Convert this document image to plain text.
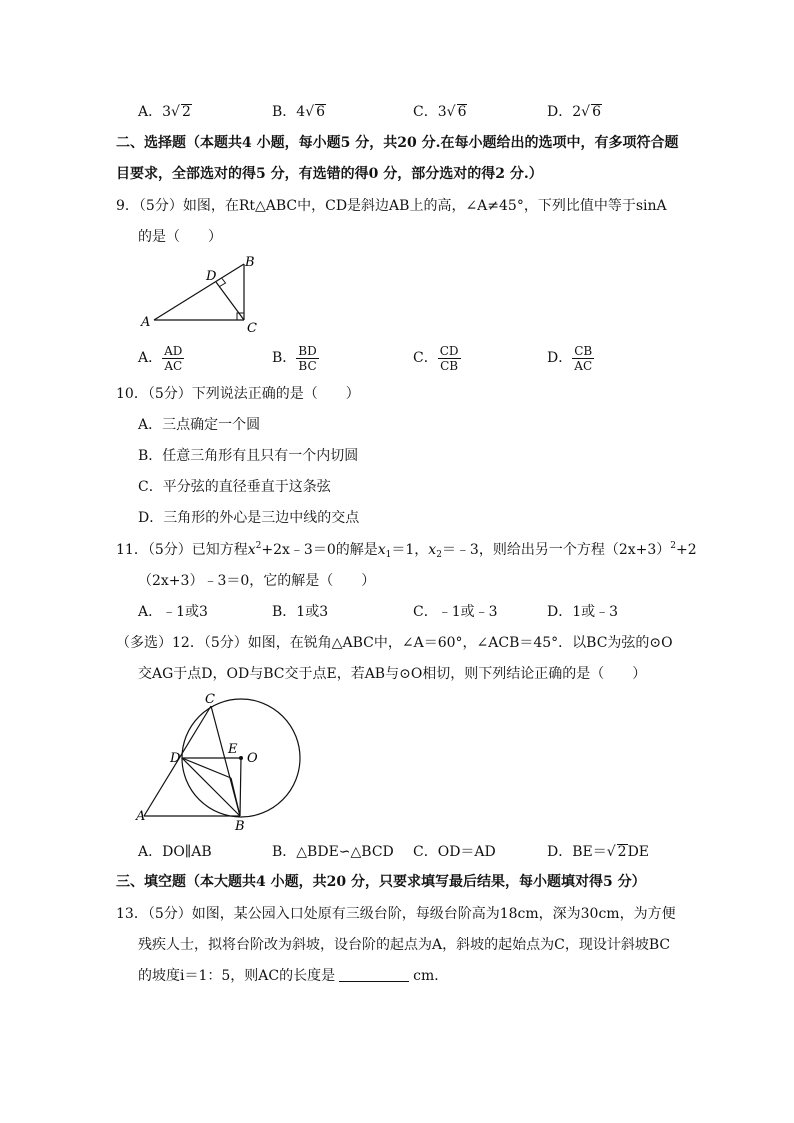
A．3√ 2	B．4√ 6	C．3√ 6	D．2√ 6
二、选择题（本题共4 小题，每小题5 分，共20 分.在每小题给出的选项中，有多项符合题
目要求，全部选对的得5 分，有选错的得0 分，部分选对的得2 分.）
9．（5分）如图，在Rt△ABC中，CD是斜边AB上的高，∠A≠45°，下列比值中等于sinA
的是（　　）
A
B
C
D
A． $\frac{AD}{AC}$	B． $\frac{BD}{BC}$	C． $\frac{CD}{CB}$	D． $\frac{CB}{AC}$
10．（5分）下列说法正确的是（　　）
A．三点确定一个圆
B．任意三角形有且只有一个内切圆
C．平分弦的直径垂直于这条弦
D．三角形的外心是三边中线的交点
11．（5分）已知方程$x^2+2x﹣3=0$的解是$x_1=1$，$x_2=﹣3$，则给出另一个方程$(2x+3)^2+2$
（2x+3）﹣3＝0，它的解是（　　）
A．﹣1或3	B．1或3	C．﹣1或﹣3	D．1或﹣3
（多选）12．（5分）如图，在锐角△ABC中，∠A＝60°，∠ACB＝45°．以BC为弦的⊙O
交AG于点D，OD与BC交于点E，若AB与⊙O相切，则下列结论正确的是（　　）
A
B
C
D
E
O
A．DO∥AB	B．△BDE∽△BCD C．OD＝AD	D．BE＝√ 2DE
三、填空题（本大题共4 小题，共20 分，只要求填写最后结果，每小题填对得5 分）
13．（5分）如图，某公园入口处原有三级台阶，每级台阶高为18cm，深为30cm，为方便
残疾人士，拟将台阶改为斜坡，设台阶的起点为A，斜坡的起始点为C，现设计斜坡BC
的坡度i＝1：5，则AC的长度是	cm．
